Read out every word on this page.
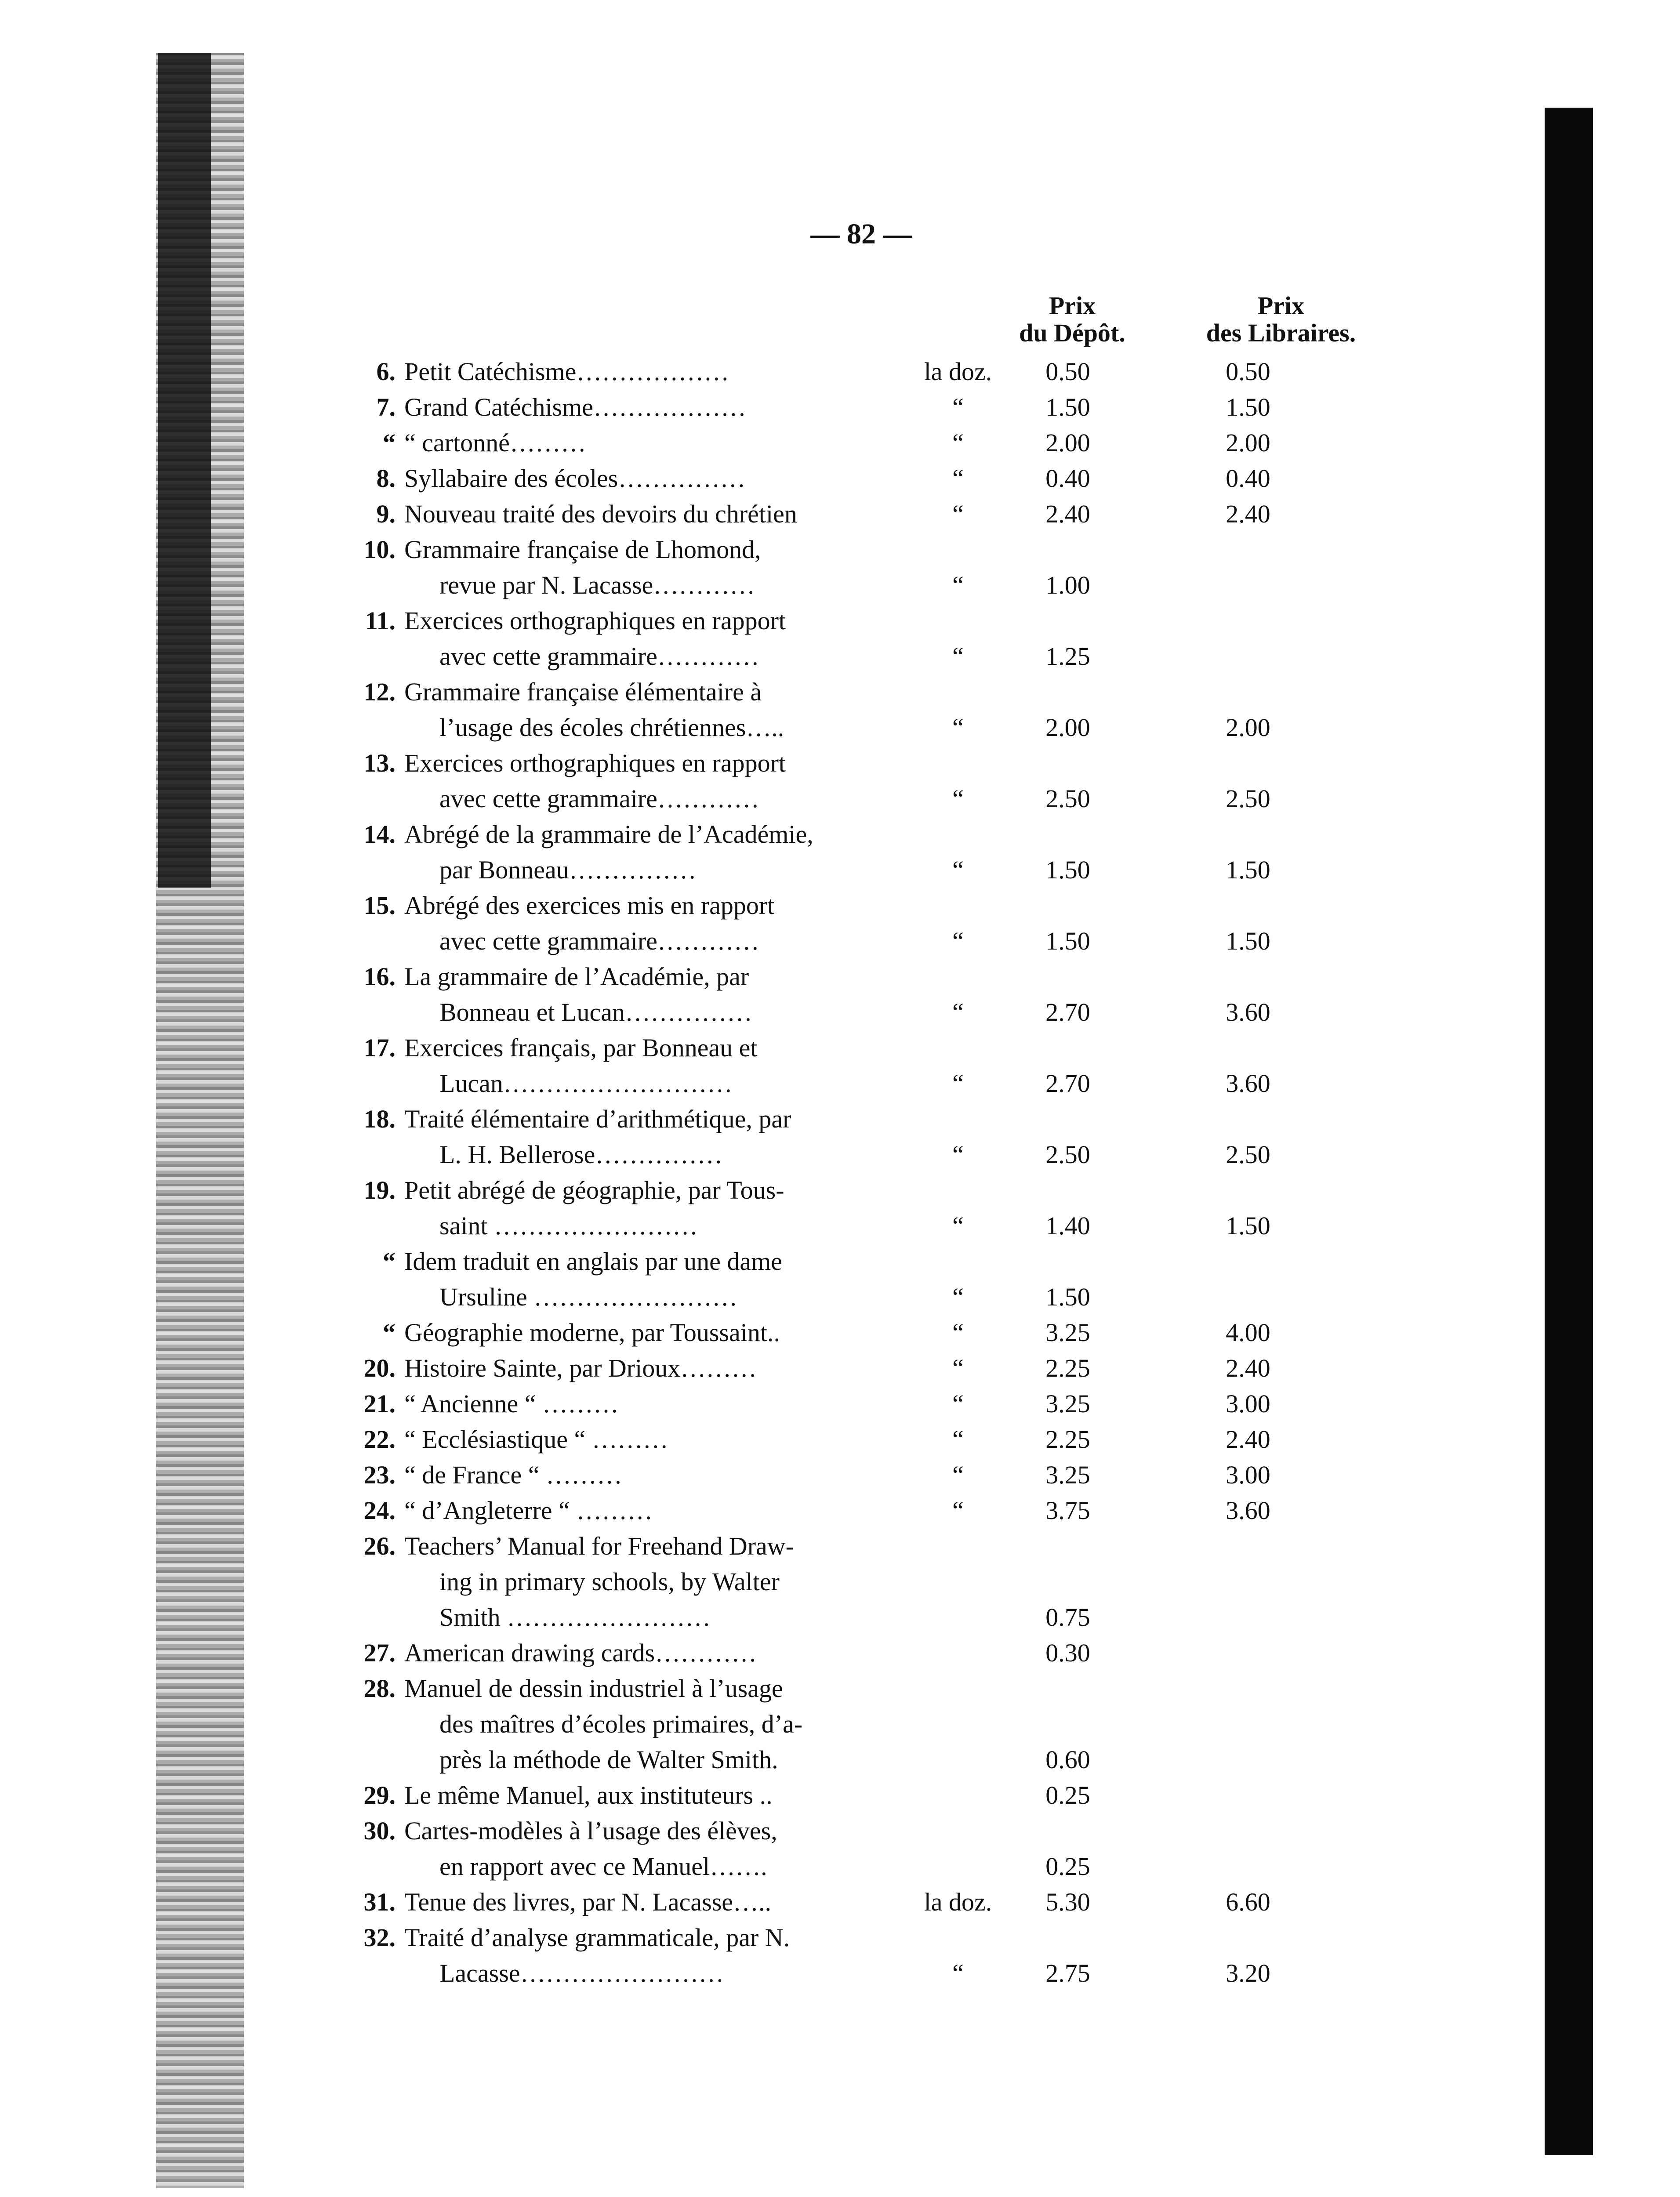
— 82 —
Prix
du Dépôt.
Prix
des Libraires.
6. Petit Catéchisme………………	la doz.	0.50	0.50
7. Grand Catéchisme………………	“	1.50	1.50
“ “ cartonné………	“	2.00	2.00
8. Syllabaire des écoles……………	“	0.40	0.40
9. Nouveau traité des devoirs du chrétien	“	2.40	2.40
10. Grammaire française de Lhomond,
revue par N. Lacasse…………	“	1.00
11. Exercices orthographiques en rapport
avec cette grammaire…………	“	1.25
12. Grammaire française élémentaire à
l’usage des écoles chrétiennes…..	“	2.00	2.00
13. Exercices orthographiques en rapport
avec cette grammaire…………	“	2.50	2.50
14. Abrégé de la grammaire de l’Académie,
par Bonneau……………	“	1.50	1.50
15. Abrégé des exercices mis en rapport
avec cette grammaire…………	“	1.50	1.50
16. La grammaire de l’Académie, par
Bonneau et Lucan……………	“	2.70	3.60
17. Exercices français, par Bonneau et
Lucan………………………	“	2.70	3.60
18. Traité élémentaire d’arithmétique, par
L. H. Bellerose……………	“	2.50	2.50
19. Petit abrégé de géographie, par Tous-
saint ……………………	“	1.40	1.50
“ Idem traduit en anglais par une dame
Ursuline ……………………	“	1.50
“ Géographie moderne, par Toussaint..	“	3.25	4.00
20. Histoire Sainte, par Drioux………	“	2.25	2.40
21. “ Ancienne “ ………	“	3.25	3.00
22. “ Ecclésiastique “ ………	“	2.25	2.40
23. “ de France “ ………	“	3.25	3.00
24. “ d’Angleterre “ ………	“	3.75	3.60
26. Teachers’ Manual for Freehand Draw-
ing in primary schools, by Walter
Smith ……………………	0.75
27. American drawing cards…………	0.30
28. Manuel de dessin industriel à l’usage
des maîtres d’écoles primaires, d’a-
près la méthode de Walter Smith.	0.60
29. Le même Manuel, aux instituteurs ..	0.25
30. Cartes-modèles à l’usage des élèves,
en rapport avec ce Manuel…….	0.25
31. Tenue des livres, par N. Lacasse…..	la doz.	5.30	6.60
32. Traité d’analyse grammaticale, par N.
Lacasse……………………	“	2.75	3.20
